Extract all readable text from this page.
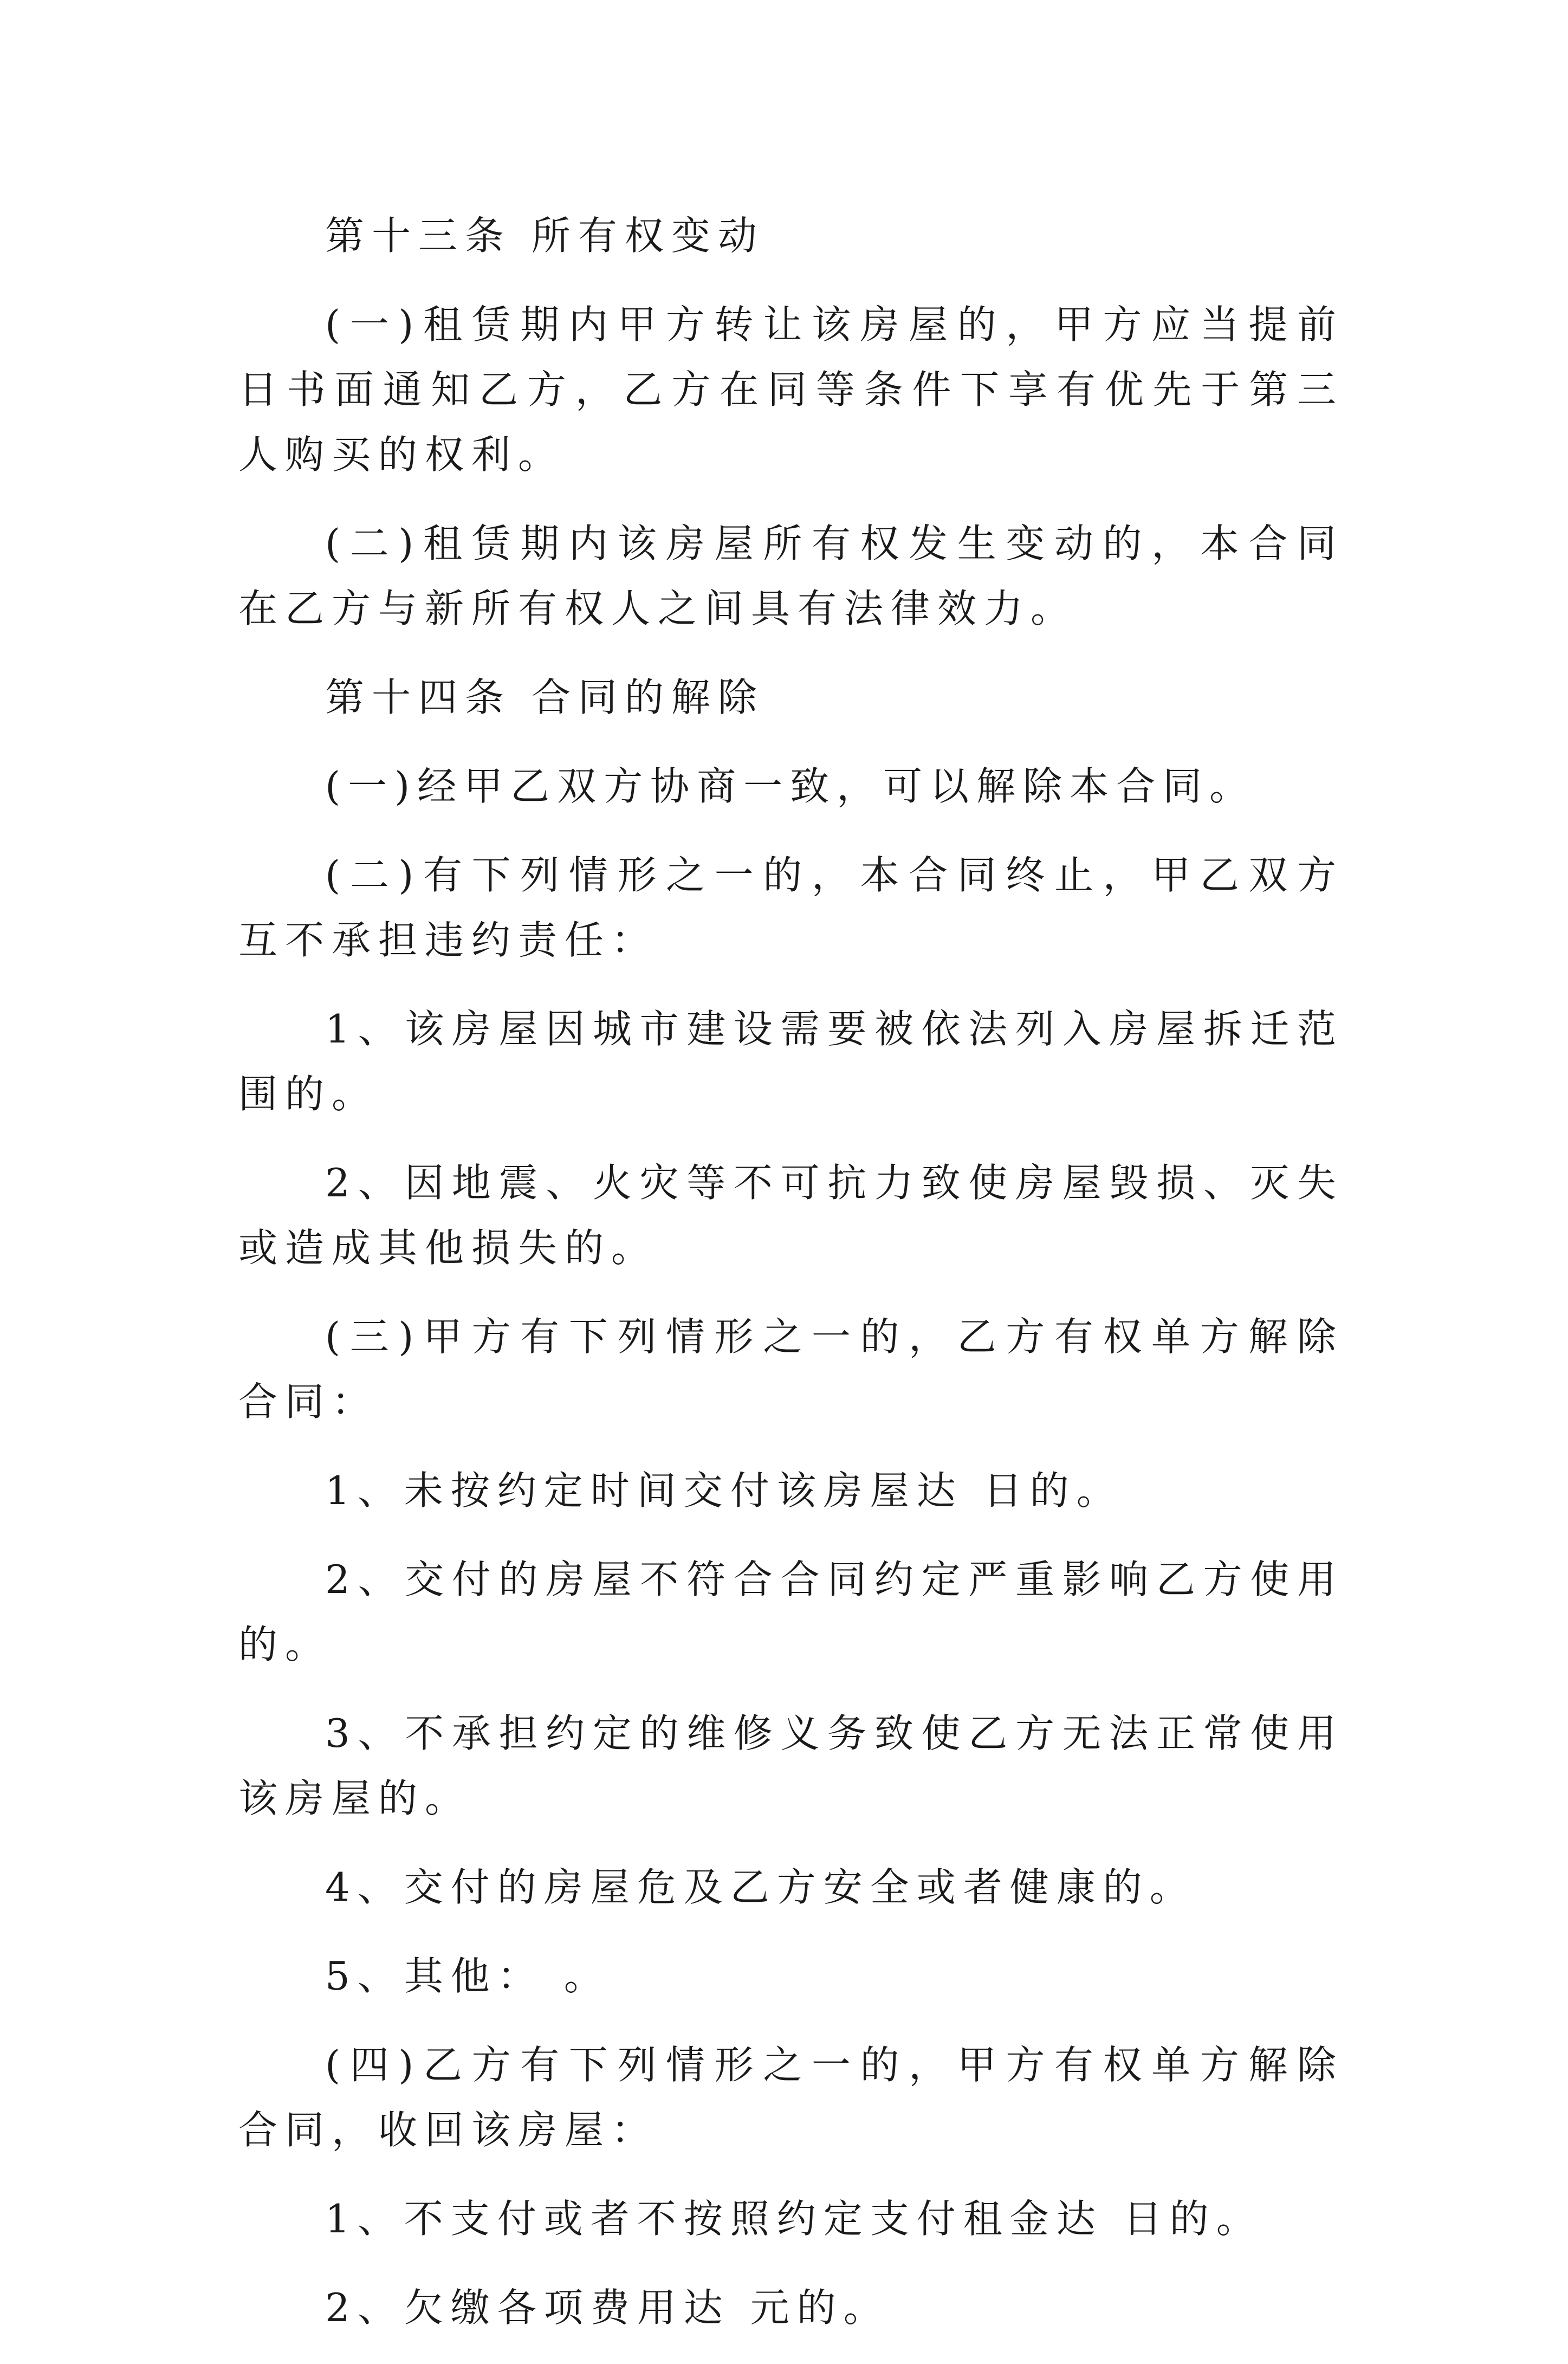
第十三条 所有权变动

(一)租赁期内甲方转让该房屋的，甲方应当提前 日书面通知乙方，乙方在同等条件下享有优先于第三人购买的权利。

(二)租赁期内该房屋所有权发生变动的，本合同在乙方与新所有权人之间具有法律效力。

第十四条 合同的解除

(一)经甲乙双方协商一致，可以解除本合同。

(二)有下列情形之一的，本合同终止，甲乙双方互不承担违约责任：

1、该房屋因城市建设需要被依法列入房屋拆迁范围的。

2、因地震、火灾等不可抗力致使房屋毁损、灭失或造成其他损失的。

(三)甲方有下列情形之一的，乙方有权单方解除合同：

1、未按约定时间交付该房屋达 日的。

2、交付的房屋不符合合同约定严重影响乙方使用的。

3、不承担约定的维修义务致使乙方无法正常使用该房屋的。

4、交付的房屋危及乙方安全或者健康的。

5、其他： 。

(四)乙方有下列情形之一的，甲方有权单方解除合同，收回该房屋：

1、不支付或者不按照约定支付租金达 日的。

2、欠缴各项费用达 元的。
